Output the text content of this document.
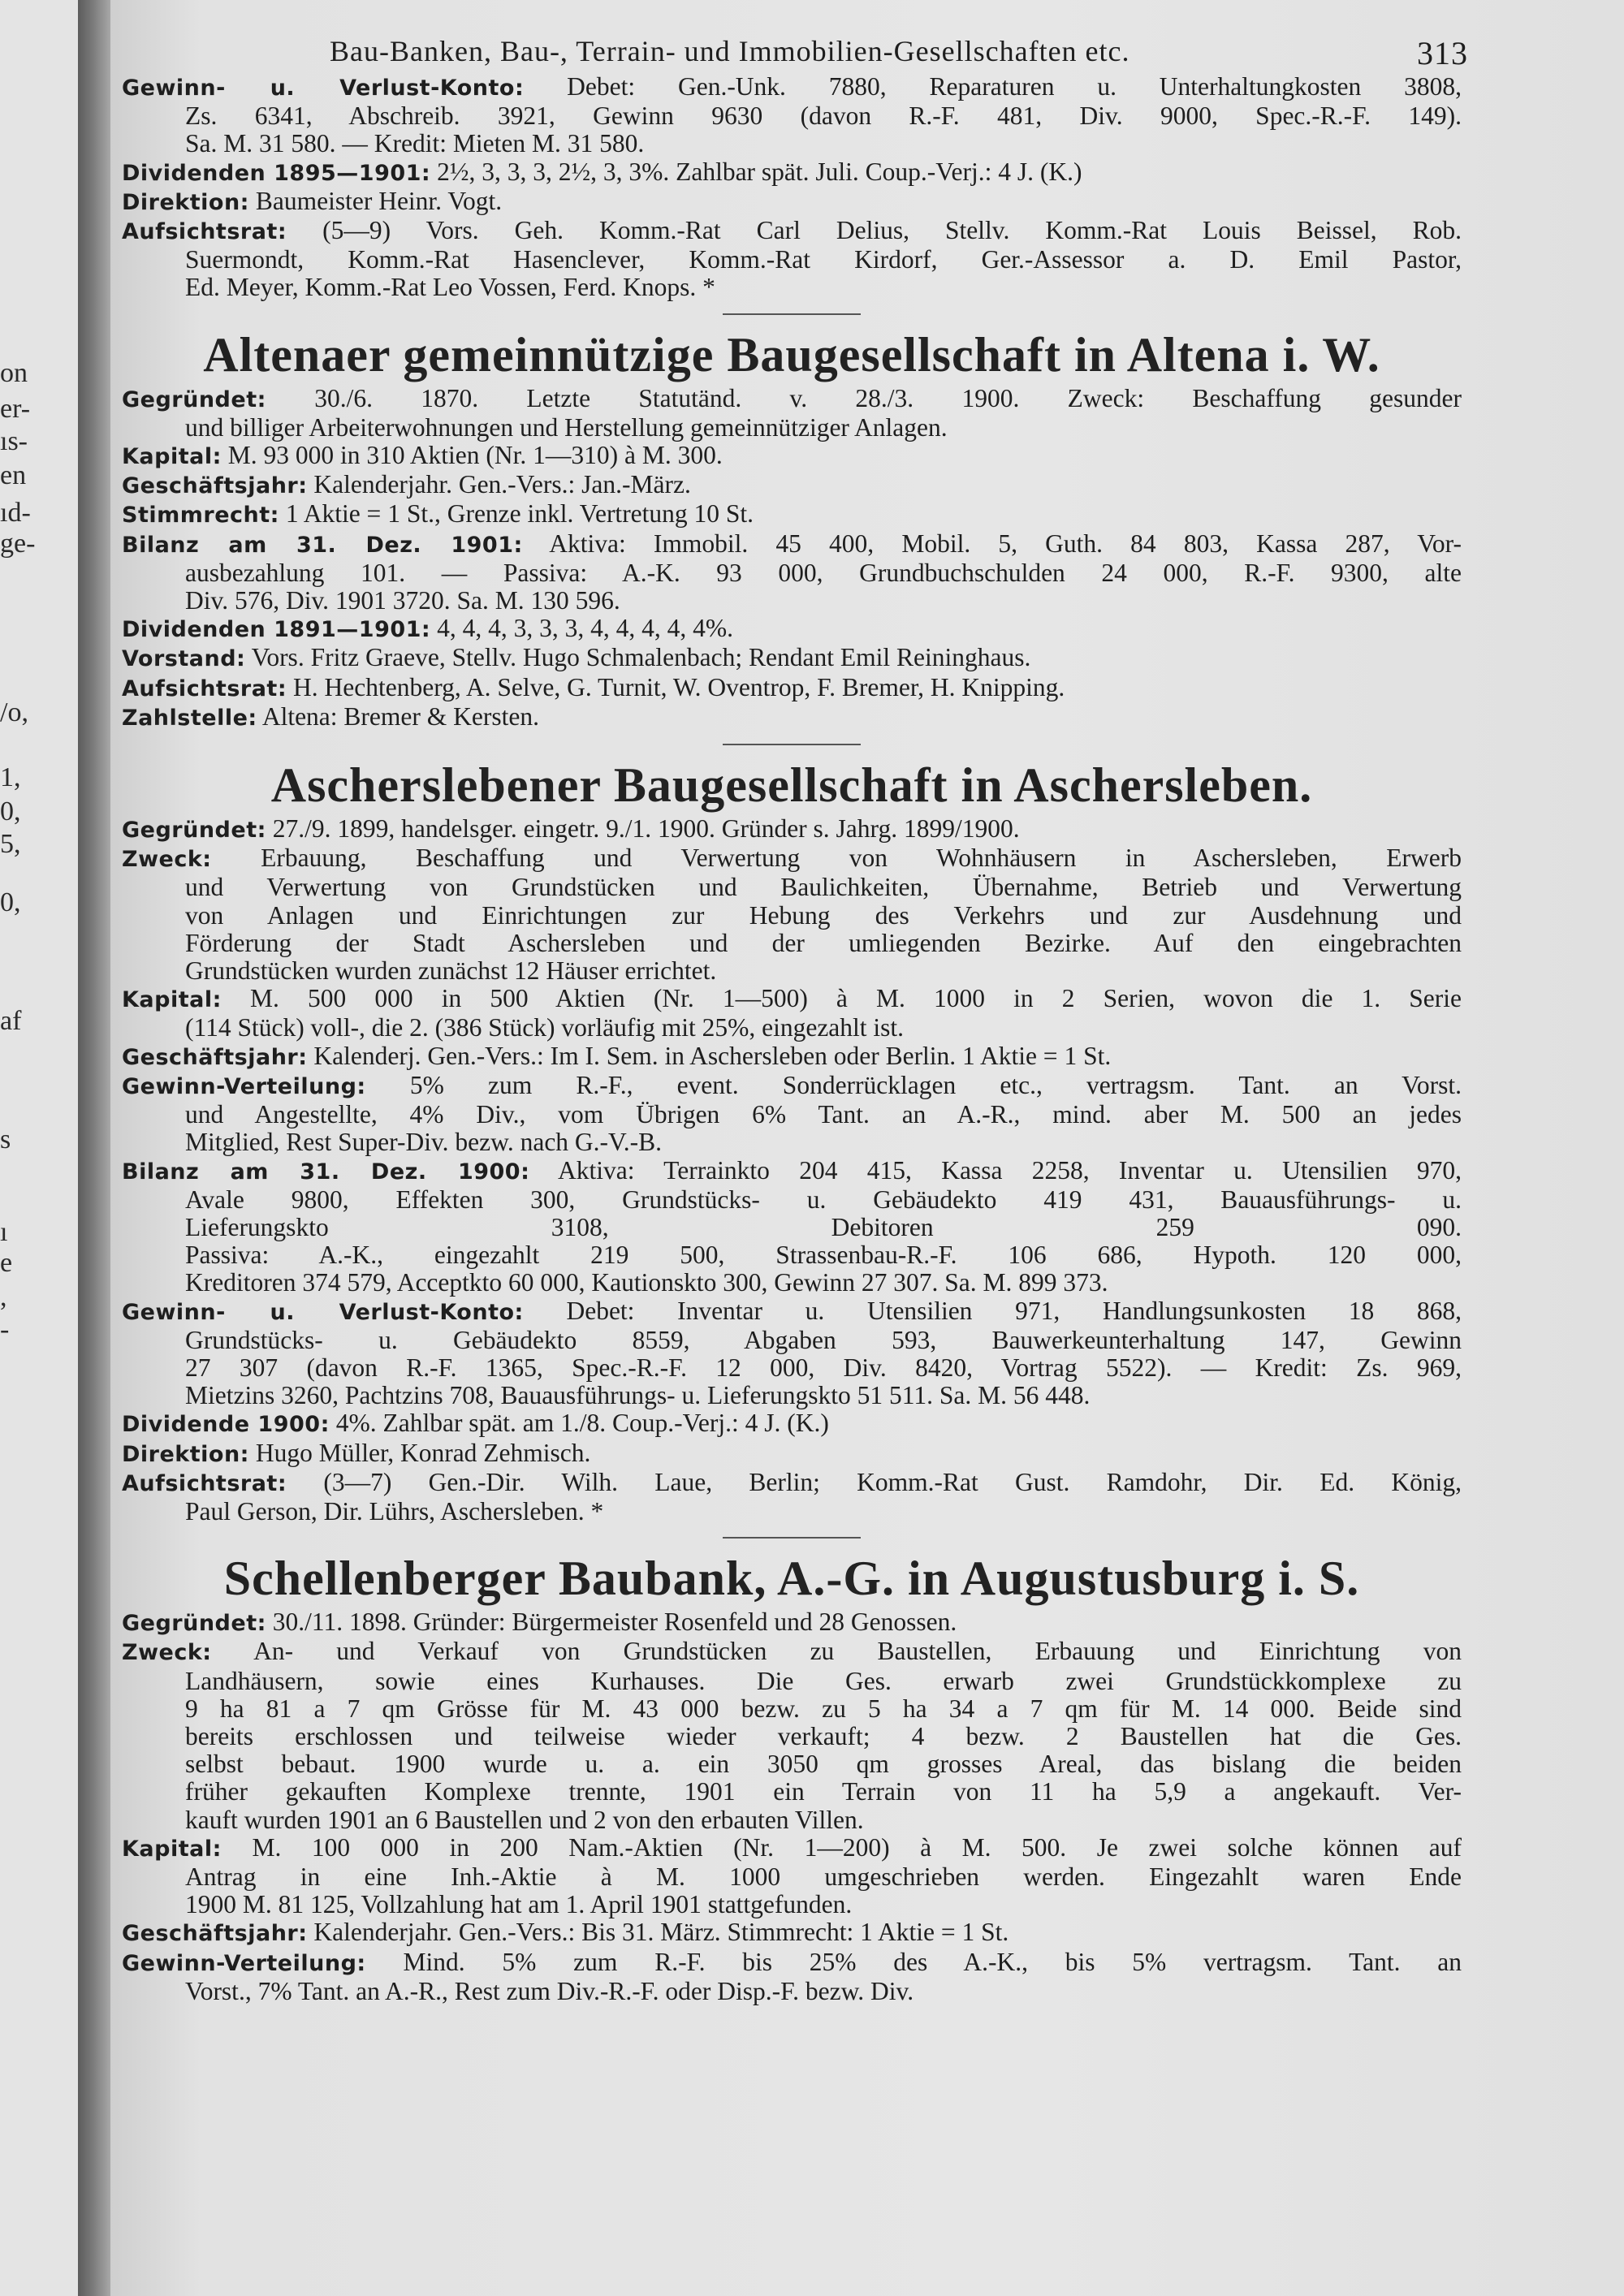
on
er-
ıs-
en
ıd-
ge-
/o,
1,
0,
5,
0,
af
s
ı
e
,
-
Bau-Banken, Bau-, Terrain- und Immobilien-Gesellschaften etc.	313
Gewinn- u. Verlust-Konto: Debet: Gen.-Unk. 7880, Reparaturen u. Unterhaltungkosten 3808,
Zs. 6341, Abschreib. 3921, Gewinn 9630 (davon R.-F. 481, Div. 9000, Spec.-R.-F. 149).
Sa. M. 31 580. — Kredit: Mieten M. 31 580.
Dividenden 1895—1901: 2½, 3, 3, 3, 2½, 3, 3%. Zahlbar spät. Juli. Coup.-Verj.: 4 J. (K.)
Direktion: Baumeister Heinr. Vogt.
Aufsichtsrat: (5—9) Vors. Geh. Komm.-Rat Carl Delius, Stellv. Komm.-Rat Louis Beissel, Rob.
Suermondt, Komm.-Rat Hasenclever, Komm.-Rat Kirdorf, Ger.-Assessor a. D. Emil Pastor,
Ed. Meyer, Komm.-Rat Leo Vossen, Ferd. Knops. *
Altenaer gemeinnützige Baugesellschaft in Altena i. W.
Gegründet: 30./6. 1870. Letzte Statutänd. v. 28./3. 1900. Zweck: Beschaffung gesunder
und billiger Arbeiterwohnungen und Herstellung gemeinnütziger Anlagen.
Kapital: M. 93 000 in 310 Aktien (Nr. 1—310) à M. 300.
Geschäftsjahr: Kalenderjahr. Gen.-Vers.: Jan.-März.
Stimmrecht: 1 Aktie = 1 St., Grenze inkl. Vertretung 10 St.
Bilanz am 31. Dez. 1901: Aktiva: Immobil. 45 400, Mobil. 5, Guth. 84 803, Kassa 287, Vor-
ausbezahlung 101. — Passiva: A.-K. 93 000, Grundbuchschulden 24 000, R.-F. 9300, alte
Div. 576, Div. 1901 3720. Sa. M. 130 596.
Dividenden 1891—1901: 4, 4, 4, 3, 3, 3, 4, 4, 4, 4, 4%.
Vorstand: Vors. Fritz Graeve, Stellv. Hugo Schmalenbach; Rendant Emil Reininghaus.
Aufsichtsrat: H. Hechtenberg, A. Selve, G. Turnit, W. Oventrop, F. Bremer, H. Knipping.
Zahlstelle: Altena: Bremer & Kersten.
Ascherslebener Baugesellschaft in Aschersleben.
Gegründet: 27./9. 1899, handelsger. eingetr. 9./1. 1900. Gründer s. Jahrg. 1899/1900.
Zweck: Erbauung, Beschaffung und Verwertung von Wohnhäusern in Aschersleben, Erwerb
und Verwertung von Grundstücken und Baulichkeiten, Übernahme, Betrieb und Verwertung
von Anlagen und Einrichtungen zur Hebung des Verkehrs und zur Ausdehnung und
Förderung der Stadt Aschersleben und der umliegenden Bezirke. Auf den eingebrachten
Grundstücken wurden zunächst 12 Häuser errichtet.
Kapital: M. 500 000 in 500 Aktien (Nr. 1—500) à M. 1000 in 2 Serien, wovon die 1. Serie
(114 Stück) voll-, die 2. (386 Stück) vorläufig mit 25%, eingezahlt ist.
Geschäftsjahr: Kalenderj. Gen.-Vers.: Im I. Sem. in Aschersleben oder Berlin. 1 Aktie = 1 St.
Gewinn-Verteilung: 5% zum R.-F., event. Sonderrücklagen etc., vertragsm. Tant. an Vorst.
und Angestellte, 4% Div., vom Übrigen 6% Tant. an A.-R., mind. aber M. 500 an jedes
Mitglied, Rest Super-Div. bezw. nach G.-V.-B.
Bilanz am 31. Dez. 1900: Aktiva: Terrainkto 204 415, Kassa 2258, Inventar u. Utensilien 970,
Avale 9800, Effekten 300, Grundstücks- u. Gebäudekto 419 431, Bauausführungs- u.
Lieferungskto 3108, Debitoren 259 090.
Passiva: A.-K., eingezahlt 219 500, Strassenbau-R.-F. 106 686, Hypoth. 120 000,
Kreditoren 374 579, Acceptkto 60 000, Kautionskto 300, Gewinn 27 307. Sa. M. 899 373.
Gewinn- u. Verlust-Konto: Debet: Inventar u. Utensilien 971, Handlungsunkosten 18 868,
Grundstücks- u. Gebäudekto 8559, Abgaben 593, Bauwerkeunterhaltung 147, Gewinn
27 307 (davon R.-F. 1365, Spec.-R.-F. 12 000, Div. 8420, Vortrag 5522). — Kredit: Zs. 969,
Mietzins 3260, Pachtzins 708, Bauausführungs- u. Lieferungskto 51 511. Sa. M. 56 448.
Dividende 1900: 4%. Zahlbar spät. am 1./8. Coup.-Verj.: 4 J. (K.)
Direktion: Hugo Müller, Konrad Zehmisch.
Aufsichtsrat: (3—7) Gen.-Dir. Wilh. Laue, Berlin; Komm.-Rat Gust. Ramdohr, Dir. Ed. König,
Paul Gerson, Dir. Lührs, Aschersleben. *
Schellenberger Baubank, A.-G. in Augustusburg i. S.
Gegründet: 30./11. 1898. Gründer: Bürgermeister Rosenfeld und 28 Genossen.
Zweck: An- und Verkauf von Grundstücken zu Baustellen, Erbauung und Einrichtung von
Landhäusern, sowie eines Kurhauses. Die Ges. erwarb zwei Grundstückkomplexe zu
9 ha 81 a 7 qm Grösse für M. 43 000 bezw. zu 5 ha 34 a 7 qm für M. 14 000. Beide sind
bereits erschlossen und teilweise wieder verkauft; 4 bezw. 2 Baustellen hat die Ges.
selbst bebaut. 1900 wurde u. a. ein 3050 qm grosses Areal, das bislang die beiden
früher gekauften Komplexe trennte, 1901 ein Terrain von 11 ha 5,9 a angekauft. Ver-
kauft wurden 1901 an 6 Baustellen und 2 von den erbauten Villen.
Kapital: M. 100 000 in 200 Nam.-Aktien (Nr. 1—200) à M. 500. Je zwei solche können auf
Antrag in eine Inh.-Aktie à M. 1000 umgeschrieben werden. Eingezahlt waren Ende
1900 M. 81 125, Vollzahlung hat am 1. April 1901 stattgefunden.
Geschäftsjahr: Kalenderjahr. Gen.-Vers.: Bis 31. März. Stimmrecht: 1 Aktie = 1 St.
Gewinn-Verteilung: Mind. 5% zum R.-F. bis 25% des A.-K., bis 5% vertragsm. Tant. an
Vorst., 7% Tant. an A.-R., Rest zum Div.-R.-F. oder Disp.-F. bezw. Div.
